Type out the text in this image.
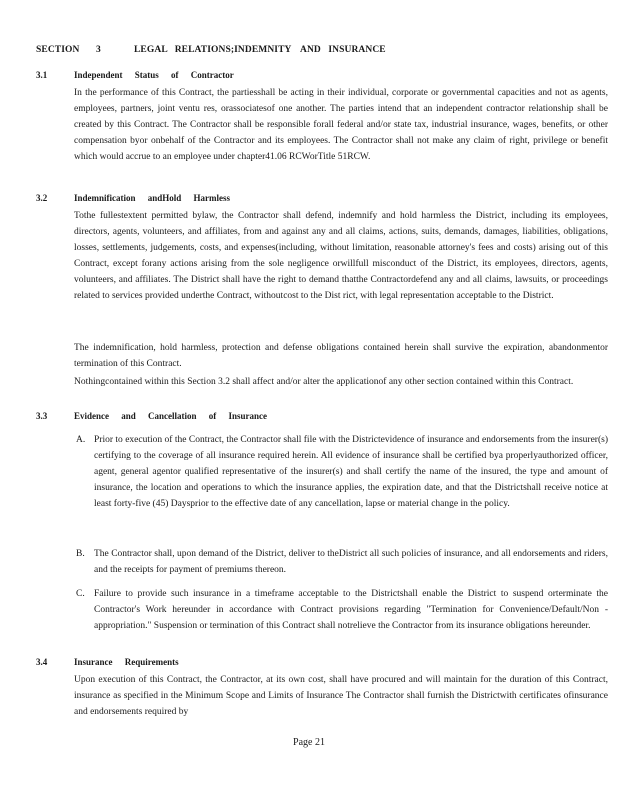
SECTION 3	LEGAL RELATIONS;INDEMNITY AND INSURANCE
3.1	Independent Status of Contractor
In the performance of this Contract, the partiesshall be acting in their individual, corporate or governmental capacities and not as agents, employees, partners, joint ventu res, orassociatesof one another. The parties intend that an independent contractor relationship shall be created by this Contract. The Contractor shall be responsible forall federal and/or state tax, industrial insurance, wages, benefits, or other compensation byor onbehalf of the Contractor and its employees. The Contractor shall not make any claim of right, privilege or benefit which would accrue to an employee under chapter41.06 RCWorTitle 51RCW.
3.2	Indemnification andHold Harmless
Tothe fullestextent permitted bylaw, the Contractor shall defend, indemnify and hold harmless the District, including its employees, directors, agents, volunteers, and affiliates, from and against any and all claims, actions, suits, demands, damages, liabilities, obligations, losses, settlements, judgements, costs, and expenses(including, without limitation, reasonable attorney's fees and costs) arising out of this Contract, except forany actions arising from the sole negligence orwillfull misconduct of the District, its employees, directors, agents, volunteers, and affiliates. The District shall have the right to demand thatthe Contractordefend any and all claims, lawsuits, or proceedings related to services provided underthe Contract, withoutcost to the Dist rict, with legal representation acceptable to the District.
The indemnification, hold harmless, protection and defense obligations contained herein shall survive the expiration, abandonmentor termination of this Contract.
Nothingcontained within this Section 3.2 shall affect and/or alter the applicationof any other section contained within this Contract.
3.3	Evidence and Cancellation of Insurance
A. Prior to execution of the Contract, the Contractor shall file with the Districtevidence of insurance and endorsements from the insurer(s) certifying to the coverage of all insurance required herein. All evidence of insurance shall be certified bya properlyauthorized officer, agent, general agentor qualified representative of the insurer(s) and shall certify the name of the insured, the type and amount of insurance, the location and operations to which the insurance applies, the expiration date, and that the Districtshall receive notice at least forty-five (45) Daysprior to the effective date of any cancellation, lapse or material change in the policy.
B. The Contractor shall, upon demand of the District, deliver to theDistrict all such policies of insurance, and all endorsements and riders, and the receipts for payment of premiums thereon.
C. Failure to provide such insurance in a timeframe acceptable to the Districtshall enable the District to suspend orterminate the Contractor's Work hereunder in accordance with Contract provisions regarding "Termination for Convenience/Default/Non -appropriation." Suspension or termination of this Contract shall notrelieve the Contractor from its insurance obligations hereunder.
3.4	Insurance Requirements
Upon execution of this Contract, the Contractor, at its own cost, shall have procured and will maintain for the duration of this Contract, insurance as specified in the Minimum Scope and Limits of Insurance The Contractor shall furnish the Districtwith certificates ofinsurance and endorsements required by
Page 21
